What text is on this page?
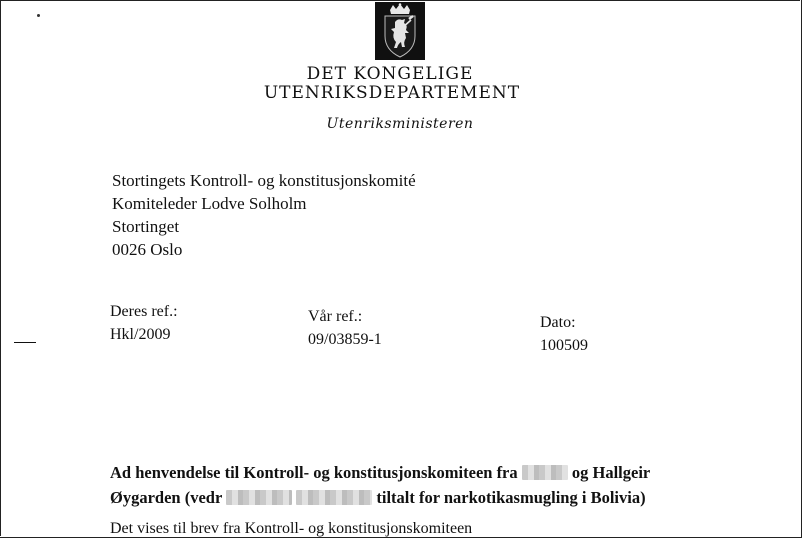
DET KONGELIGE
UTENRIKSDEPARTEMENT
Utenriksministeren
Stortingets Kontroll- og konstitusjonskomité
Komiteleder Lodve Solholm
Stortinget
0026 Oslo
Deres ref.:
Hkl/2009
Vår ref.:
09/03859-1
Dato:
100509
Ad henvendelse til Kontroll- og konstitusjonskomiteen fra	og Hallgeir
Øygarden (vedr	tiltalt for narkotikasmugling i Bolivia)
Det vises til brev fra Kontroll- og konstitusjonskomiteen
